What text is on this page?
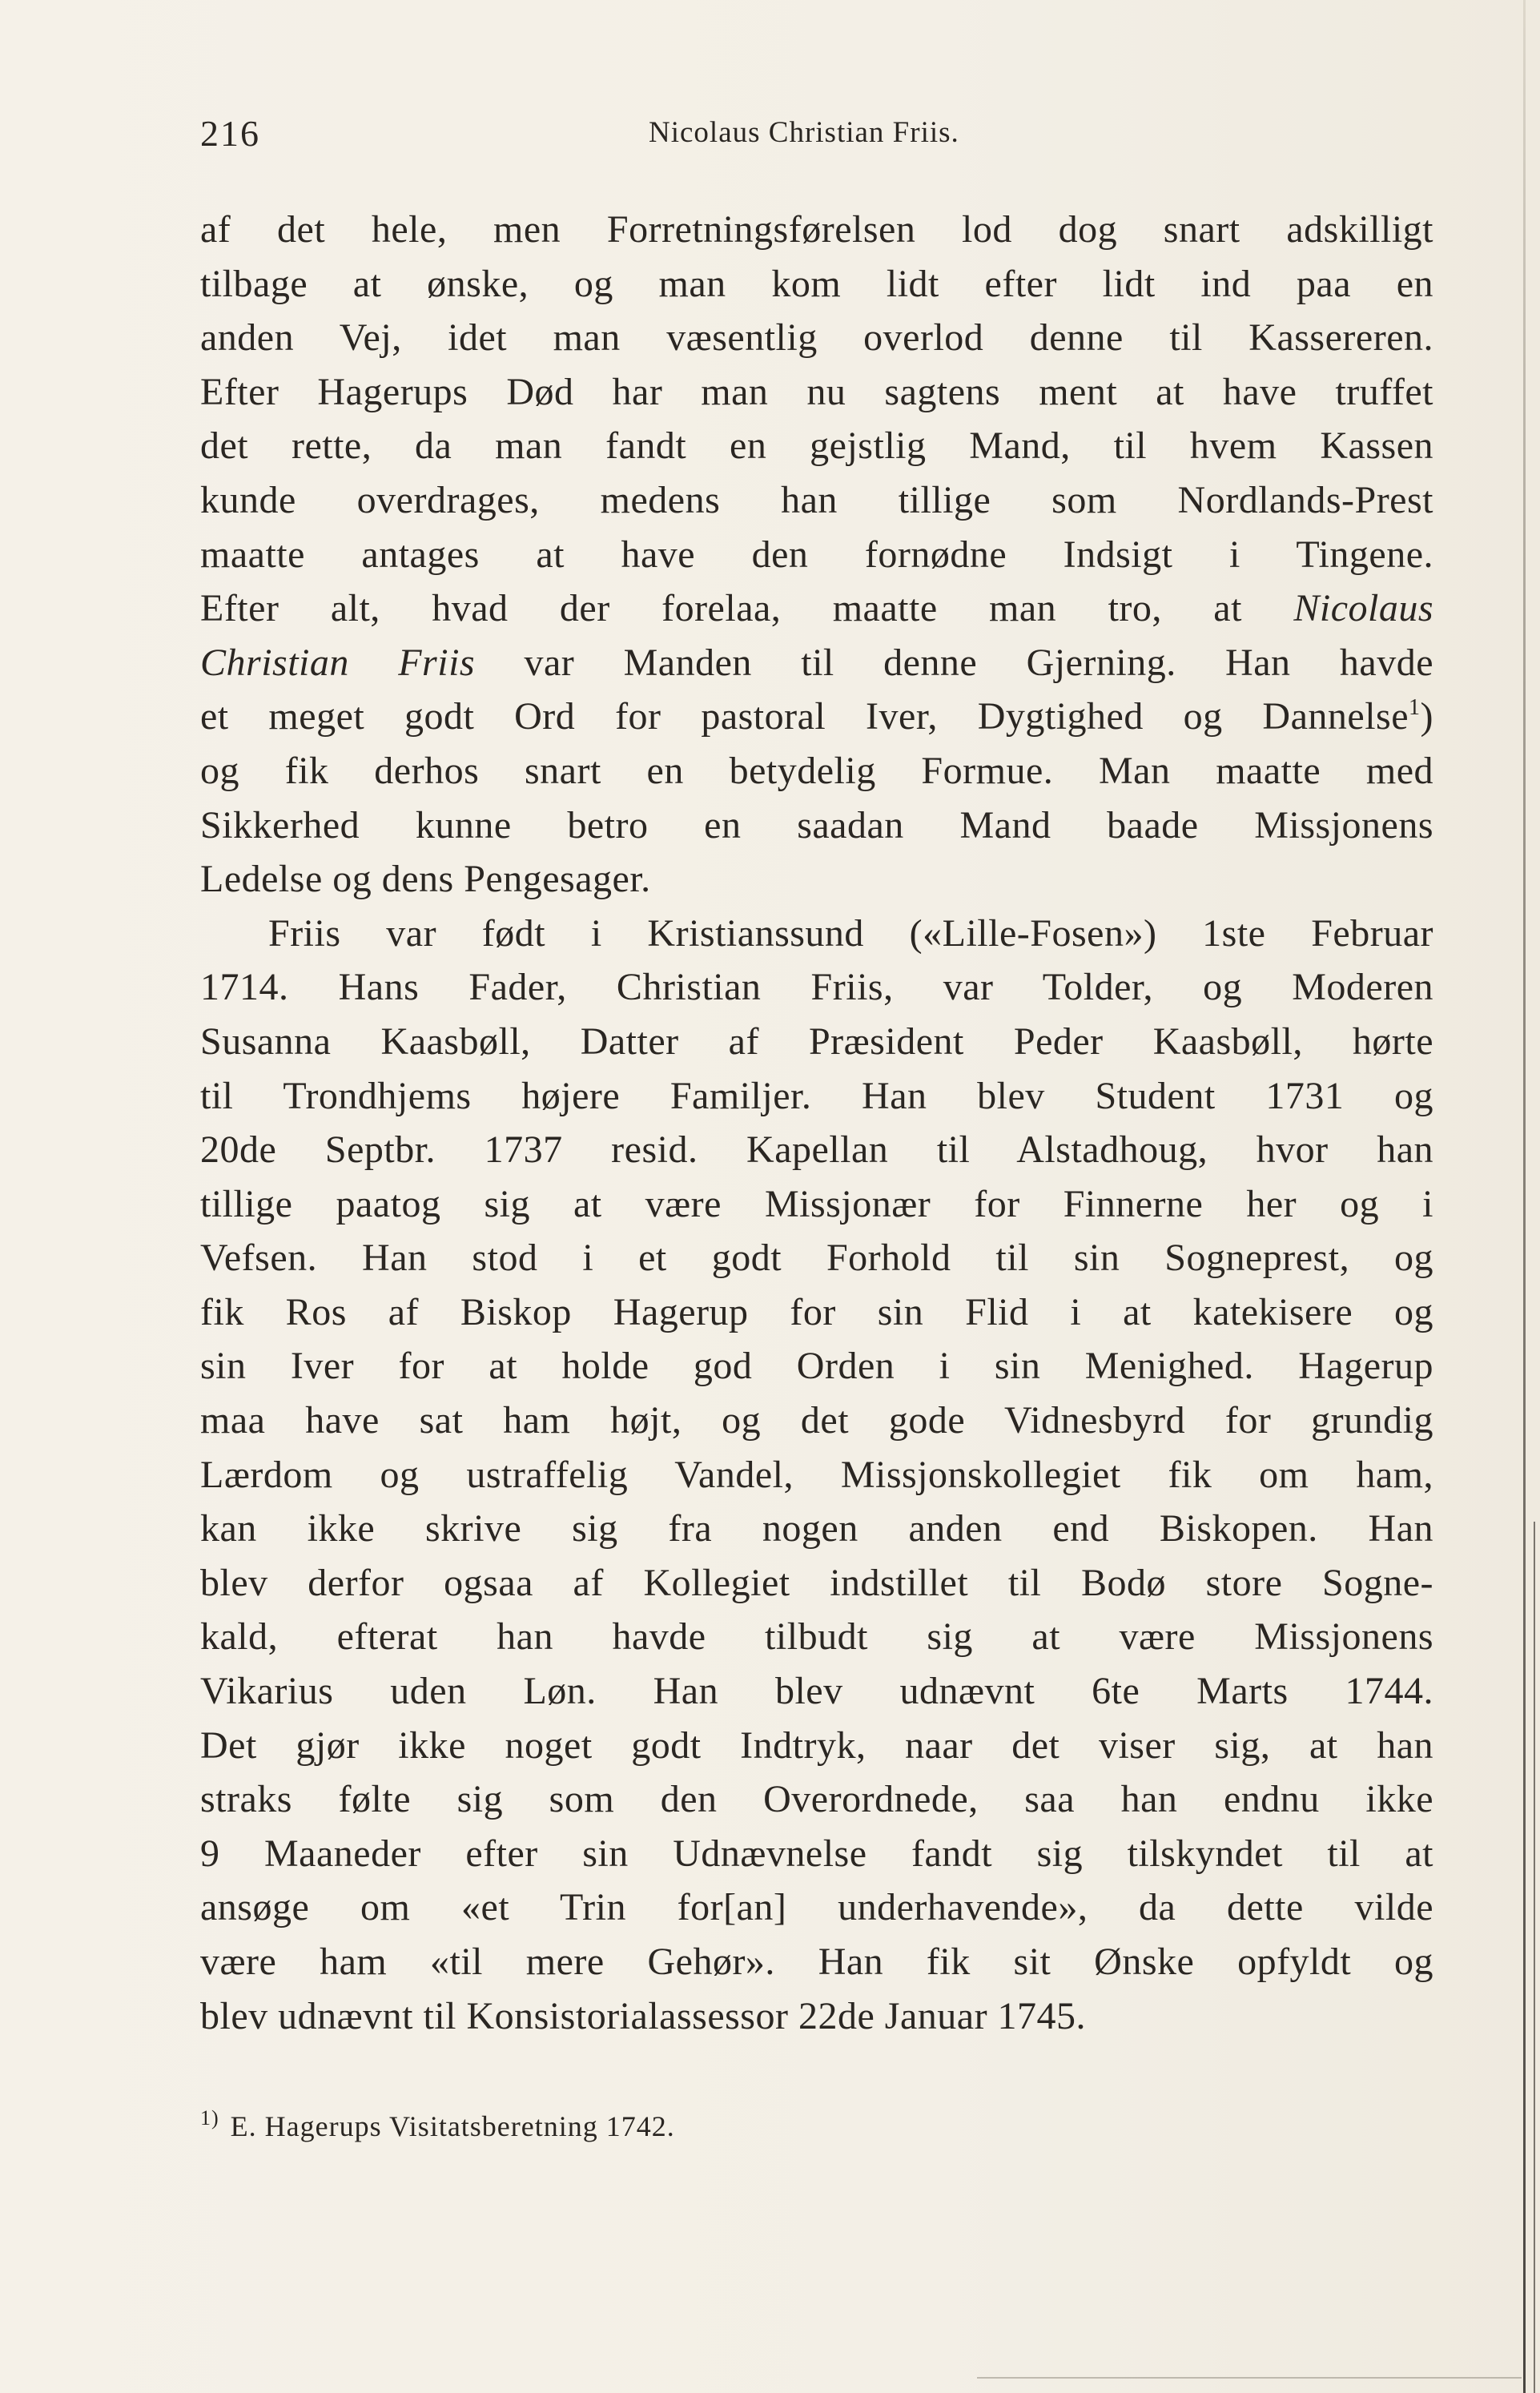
216	Nicolaus Christian Friis.
af det hele, men Forretningsførelsen lod dog snart adskilligt
tilbage at ønske, og man kom lidt efter lidt ind paa en
anden Vej, idet man væsentlig overlod denne til Kassereren.
Efter Hagerups Død har man nu sagtens ment at have truffet
det rette, da man fandt en gejstlig Mand, til hvem Kassen
kunde overdrages, medens han tillige som Nordlands-Prest
maatte antages at have den fornødne Indsigt i Tingene.
Efter alt, hvad der forelaa, maatte man tro, at Nicolaus
Christian Friis var Manden til denne Gjerning. Han havde
et meget godt Ord for pastoral Iver, Dygtighed og Dannelse$^1$)
og fik derhos snart en betydelig Formue. Man maatte med
Sikkerhed kunne betro en saadan Mand baade Missjonens
Ledelse og dens Pengesager.
Friis var født i Kristianssund («Lille-Fosen») 1ste Februar
1714. Hans Fader, Christian Friis, var Tolder, og Moderen
Susanna Kaasbøll, Datter af Præsident Peder Kaasbøll, hørte
til Trondhjems højere Familjer. Han blev Student 1731 og
20de Septbr. 1737 resid. Kapellan til Alstadhoug, hvor han
tillige paatog sig at være Missjonær for Finnerne her og i
Vefsen. Han stod i et godt Forhold til sin Sogneprest, og
fik Ros af Biskop Hagerup for sin Flid i at katekisere og
sin Iver for at holde god Orden i sin Menighed. Hagerup
maa have sat ham højt, og det gode Vidnesbyrd for grundig
Lærdom og ustraffelig Vandel, Missjonskollegiet fik om ham,
kan ikke skrive sig fra nogen anden end Biskopen. Han
blev derfor ogsaa af Kollegiet indstillet til Bodø store Sogne-
kald, efterat han havde tilbudt sig at være Missjonens
Vikarius uden Løn. Han blev udnævnt 6te Marts 1744.
Det gjør ikke noget godt Indtryk, naar det viser sig, at han
straks følte sig som den Overordnede, saa han endnu ikke
9 Maaneder efter sin Udnævnelse fandt sig tilskyndet til at
ansøge om «et Trin for[an] underhavende», da dette vilde
være ham «til mere Gehør». Han fik sit Ønske opfyldt og
blev udnævnt til Konsistorialassessor 22de Januar 1745.
$^{1)}$ E. Hagerups Visitatsberetning 1742.
